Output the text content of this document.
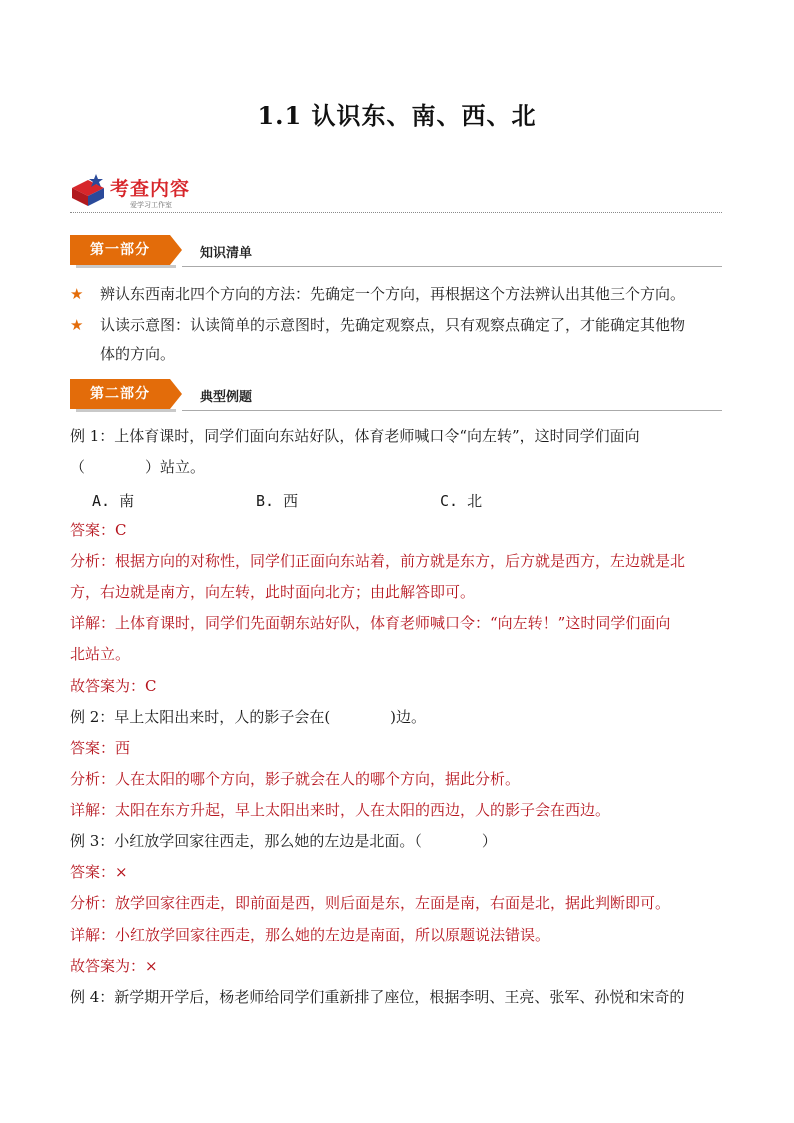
1.1 认识东、南、西、北
考查内容
爱学习工作室
第一部分	知识清单
★ 辨认东西南北四个方向的方法：先确定一个方向，再根据这个方法辨认出其他三个方向。
★ 认读示意图：认读简单的示意图时，先确定观察点，只有观察点确定了，才能确定其他物
体的方向。
第二部分	典型例题
例 1：上体育课时，同学们面向东站好队，体育老师喊口令“向左转”，这时同学们面向
（　　　　）站立。
A. 南	B. 西	C. 北
答案：C
分析：根据方向的对称性，同学们正面向东站着，前方就是东方，后方就是西方，左边就是北
方，右边就是南方，向左转，此时面向北方；由此解答即可。
详解：上体育课时，同学们先面朝东站好队，体育老师喊口令：“向左转！”这时同学们面向
北站立。
故答案为：C
例 2：早上太阳出来时，人的影子会在(　　　　)边。
答案：西
分析：人在太阳的哪个方向，影子就会在人的哪个方向，据此分析。
详解：太阳在东方升起，早上太阳出来时，人在太阳的西边，人的影子会在西边。
例 3：小红放学回家往西走，那么她的左边是北面。（　　　　）
答案：×
分析：放学回家往西走，即前面是西，则后面是东，左面是南，右面是北，据此判断即可。
详解：小红放学回家往西走，那么她的左边是南面，所以原题说法错误。
故答案为：×
例 4：新学期开学后，杨老师给同学们重新排了座位，根据李明、王亮、张军、孙悦和宋奇的
